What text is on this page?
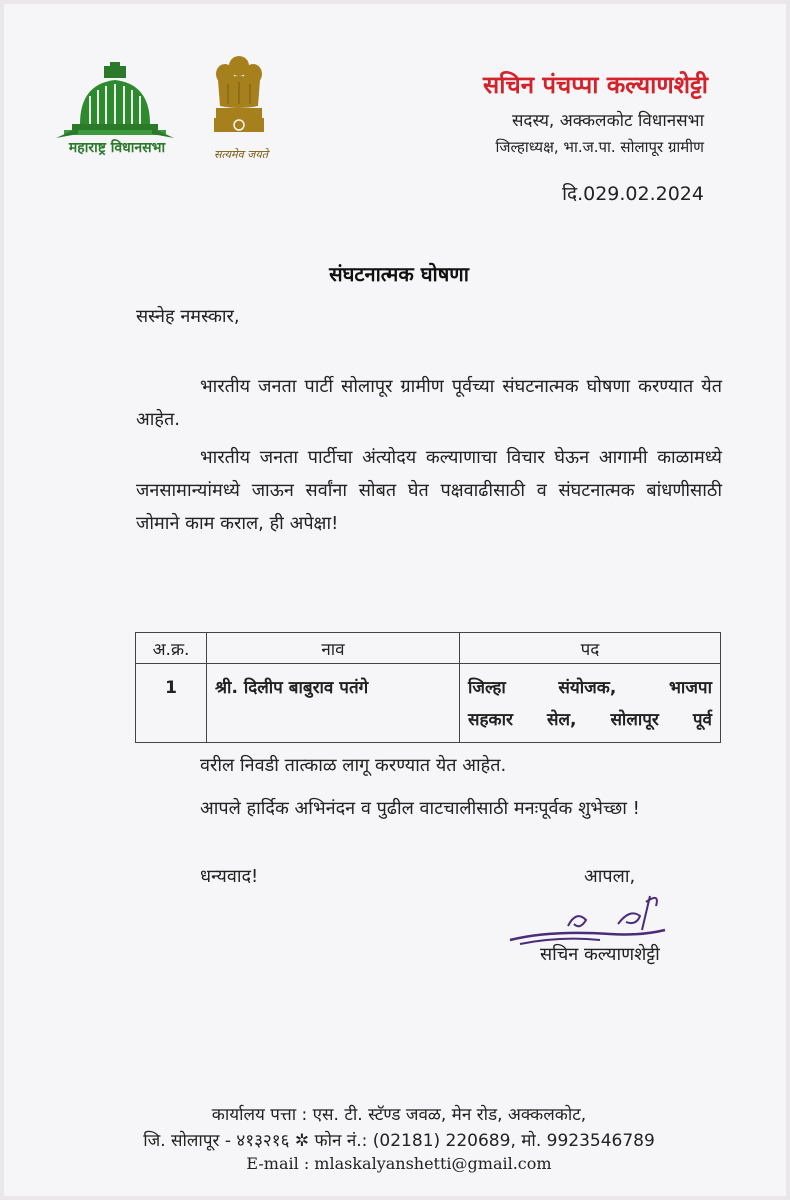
महाराष्ट्र विधानसभा	सत्यमेव जयते
सचिन पंचप्पा कल्याणशेट्टी
सदस्य, अक्कलकोट विधानसभा
जिल्हाध्यक्ष, भा.ज.पा. सोलापूर ग्रामीण
दि.029.02.2024
संघटनात्मक घोषणा
सस्नेह नमस्कार,
भारतीय जनता पार्टी सोलापूर ग्रामीण पूर्वच्या संघटनात्मक घोषणा करण्यात येत आहेत.
भारतीय जनता पार्टीचा अंत्योदय कल्याणाचा विचार घेऊन आगामी काळामध्ये जनसामान्यांमध्ये जाऊन सर्वांना सोबत घेत पक्षवाढीसाठी व संघटनात्मक बांधणीसाठी जोमाने काम कराल, ही अपेक्षा!
अ.क्र.	नाव	पद
1	श्री. दिलीप बाबुराव पतंगे	जिल्हा संयोजक, भाजपा
सहकार सेल, सोलापूर पूर्व
वरील निवडी तात्काळ लागू करण्यात येत आहेत.
आपले हार्दिक अभिनंदन व पुढील वाटचालीसाठी मनःपूर्वक शुभेच्छा !
धन्यवाद!	आपला,
सचिन कल्याणशेट्टी
कार्यालय पत्ता : एस. टी. स्टॅण्ड जवळ, मेन रोड, अक्कलकोट,
जि. सोलापूर - ४१३२१६ ✲ फोन नं.: (02181) 220689, मो. 9923546789
E-mail : mlaskalyanshetti@gmail.com
